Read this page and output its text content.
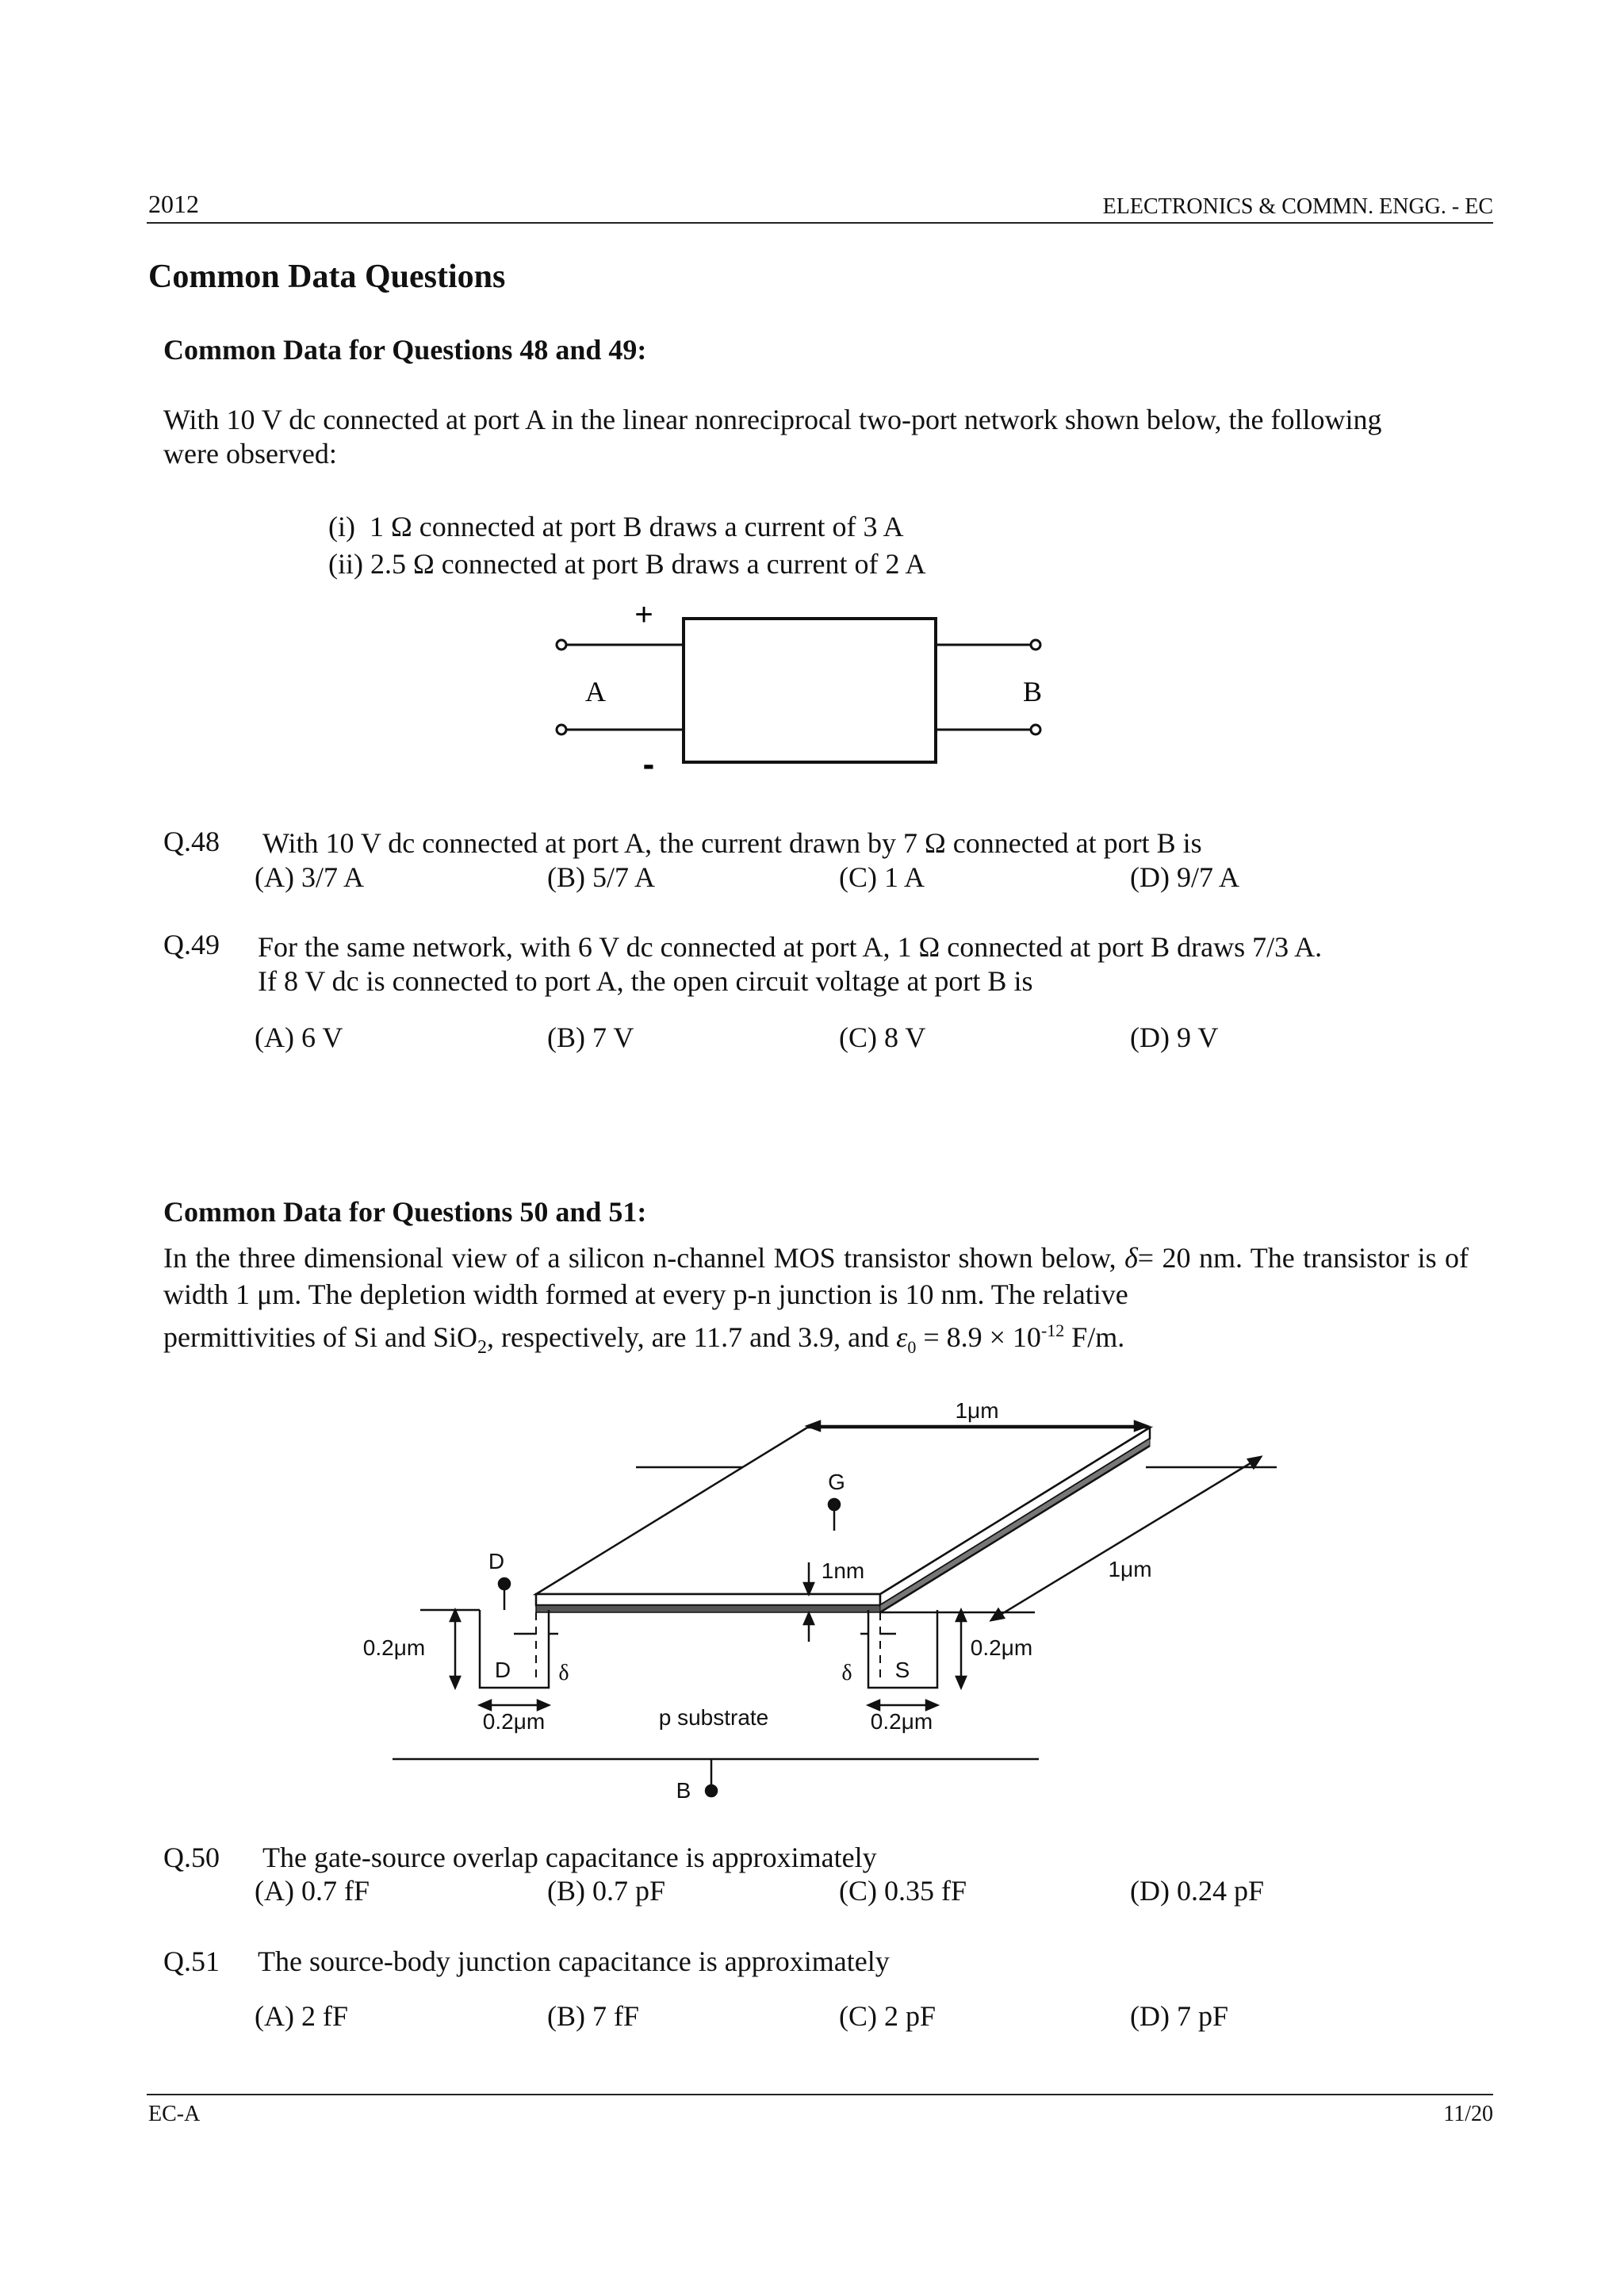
2012	ELECTRONICS & COMMN. ENGG. - EC
Common Data Questions
Common Data for Questions 48 and 49:
With 10 V dc connected at port A in the linear nonreciprocal two-port network shown below, the following
were observed:
(i)  1 Ω connected at port B draws a current of 3 A
(ii) 2.5 Ω connected at port B draws a current of 2 A
+
-
A	B
Q.48 With 10 V dc connected at port A, the current drawn by 7 Ω connected at port B is
(A) 3/7 A	(B) 5/7 A	(C) 1 A	(D) 9/7 A
Q.49 For the same network, with 6 V dc connected at port A, 1 Ω connected at port B draws 7/3 A.
If 8 V dc is connected to port A, the open circuit voltage at port B is
(A) 6 V	(B) 7 V	(C) 8 V	(D) 9 V
Common Data for Questions 50 and 51:
In the three dimensional view of a silicon n-channel MOS transistor shown below, δ= 20 nm. The transistor is of width 1 μm. The depletion width formed at every p-n junction is 10 nm. The relative
permittivities of Si and SiO$_2$, respectively, are 11.7 and 3.9, and $\varepsilon_0 = 8.9 \times 10^{-12}$ F/m.
1μm
G
D	1nm	1μm
0.2μm	0.2μm
D	S
δ	δ
0.2μm	p substrate	0.2μm
B
Q.50 The gate-source overlap capacitance is approximately
(A) 0.7 fF	(B) 0.7 pF	(C) 0.35 fF	(D) 0.24 pF
Q.51 The source-body junction capacitance is approximately
(A) 2 fF	(B) 7 fF	(C) 2 pF	(D) 7 pF
EC-A	11/20
